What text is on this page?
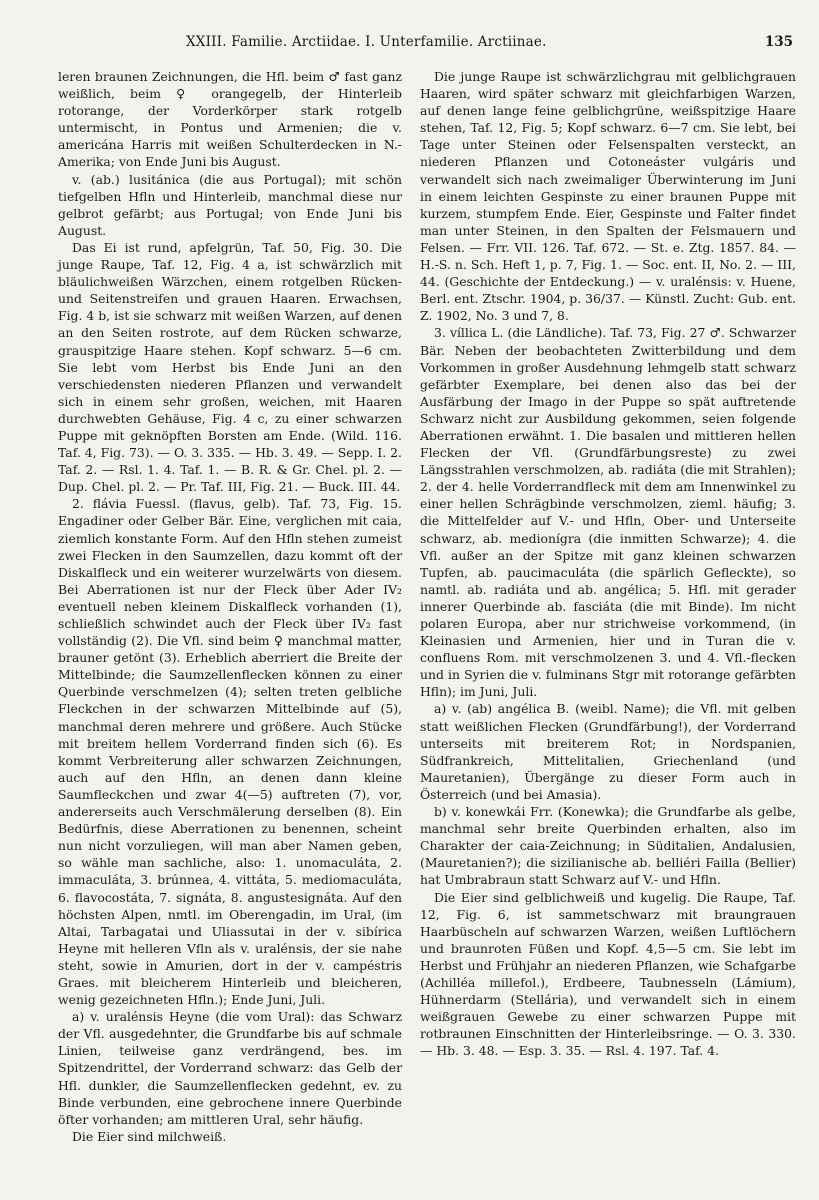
XXIII. Familie. Arctiidae. I. Unterfamilie. Arctiinae.	135

leren braunen Zeichnungen, die Hfl. beim ♂ fast ganz weißlich, beim ♀ orangegelb, der Hinterleib rotorange, der Vorderkörper stark rotgelb untermischt, in Pontus und Armenien; die v. americána Harris mit weißen Schulterdecken in N.-Amerika; von Ende Juni bis August.

v. (ab.) lusitánica (die aus Portugal); mit schön tiefgelben Hfln und Hinterleib, manchmal diese nur gelbrot gefärbt; aus Portugal; von Ende Juni bis August.

Das Ei ist rund, apfelgrün, Taf. 50, Fig. 30. Die junge Raupe, Taf. 12, Fig. 4 a, ist schwärzlich mit bläulichweißen Wärzchen, einem rotgelben Rücken- und Seitenstreifen und grauen Haaren. Erwachsen, Fig. 4 b, ist sie schwarz mit weißen Warzen, auf denen an den Seiten rostrote, auf dem Rücken schwarze, grauspitzige Haare stehen. Kopf schwarz. 5—6 cm. Sie lebt vom Herbst bis Ende Juni an den verschiedensten niederen Pflanzen und verwandelt sich in einem sehr großen, weichen, mit Haaren durchwebten Gehäuse, Fig. 4 c, zu einer schwarzen Puppe mit geknöpften Borsten am Ende. (Wild. 116. Taf. 4, Fig. 73). — O. 3. 335. — Hb. 3. 49. — Sepp. I. 2. Taf. 2. — Rsl. 1. 4. Taf. 1. — B. R. & Gr. Chel. pl. 2. — Dup. Chel. pl. 2. — Pr. Taf. III, Fig. 21. — Buck. III. 44.

2. flávia Fuessl. (flavus, gelb). Taf. 73, Fig. 15. Engadiner oder Gelber Bär. Eine, verglichen mit caia, ziemlich konstante Form. Auf den Hfln stehen zumeist zwei Flecken in den Saumzellen, dazu kommt oft der Diskalfleck und ein weiterer wurzelwärts von diesem. Bei Aberrationen ist nur der Fleck über Ader IV₂ eventuell neben kleinem Diskalfleck vorhanden (1), schließlich schwindet auch der Fleck über IV₂ fast vollständig (2). Die Vfl. sind beim ♀ manchmal matter, brauner getönt (3). Erheblich aberriert die Breite der Mittelbinde; die Saumzellenflecken können zu einer Querbinde verschmelzen (4); selten treten gelbliche Fleckchen in der schwarzen Mittelbinde auf (5), manchmal deren mehrere und größere. Auch Stücke mit breitem hellem Vorderrand finden sich (6). Es kommt Verbreiterung aller schwarzen Zeichnungen, auch auf den Hfln, an denen dann kleine Saumfleckchen und zwar 4(—5) auftreten (7), vor, andererseits auch Verschmälerung derselben (8). Ein Bedürfnis, diese Aberrationen zu benennen, scheint nun nicht vorzuliegen, will man aber Namen geben, so wähle man sachliche, also: 1. unomaculáta, 2. immaculáta, 3. brúnnea, 4. vittáta, 5. mediomaculáta, 6. flavocostáta, 7. signáta, 8. angustesignáta. Auf den höchsten Alpen, nmtl. im Oberengadin, im Ural, (im Altai, Tarbagatai und Uliassutai in der v. sibírica Heyne mit helleren Vfln als v. uralénsis, der sie nahe steht, sowie in Amurien, dort in der v. campéstris Graes. mit bleicherem Hinterleib und bleicheren, wenig gezeichneten Hfln.); Ende Juni, Juli.

a) v. uralénsis Heyne (die vom Ural): das Schwarz der Vfl. ausgedehnter, die Grundfarbe bis auf schmale Linien, teilweise ganz verdrängend, bes. im Spitzendrittel, der Vorderrand schwarz: das Gelb der Hfl. dunkler, die Saumzellenflecken gedehnt, ev. zu Binde verbunden, eine gebrochene innere Querbinde öfter vorhanden; am mittleren Ural, sehr häufig.

Die Eier sind milchweiß.

Die junge Raupe ist schwärzlichgrau mit gelblichgrauen Haaren, wird später schwarz mit gleichfarbigen Warzen, auf denen lange feine gelblichgrüne, weißspitzige Haare stehen, Taf. 12, Fig. 5; Kopf schwarz. 6—7 cm. Sie lebt, bei Tage unter Steinen oder Felsenspalten versteckt, an niederen Pflanzen und Cotoneáster vulgáris und verwandelt sich nach zweimaliger Überwinterung im Juni in einem leichten Gespinste zu einer braunen Puppe mit kurzem, stumpfem Ende. Eier, Gespinste und Falter findet man unter Steinen, in den Spalten der Felsmauern und Felsen. — Frr. VII. 126. Taf. 672. — St. e. Ztg. 1857. 84. — H.-S. n. Sch. Heft 1, p. 7, Fig. 1. — Soc. ent. II, No. 2. — III, 44. (Geschichte der Entdeckung.) — v. uralénsis: v. Huene, Berl. ent. Ztschr. 1904, p. 36/37. — Künstl. Zucht: Gub. ent. Z. 1902, No. 3 und 7, 8.

3. víllica L. (die Ländliche). Taf. 73, Fig. 27 ♂. Schwarzer Bär. Neben der beobachteten Zwitterbildung und dem Vorkommen in großer Ausdehnung lehmgelb statt schwarz gefärbter Exemplare, bei denen also das bei der Ausfärbung der Imago in der Puppe so spät auftretende Schwarz nicht zur Ausbildung gekommen, seien folgende Aberrationen erwähnt. 1. Die basalen und mittleren hellen Flecken der Vfl. (Grundfärbungsreste) zu zwei Längsstrahlen verschmolzen, ab. radiáta (die mit Strahlen); 2. der 4. helle Vorderrandfleck mit dem am Innenwinkel zu einer hellen Schrägbinde verschmolzen, zieml. häufig; 3. die Mittelfelder auf V.- und Hfln, Ober- und Unterseite schwarz, ab. medionígra (die inmitten Schwarze); 4. die Vfl. außer an der Spitze mit ganz kleinen schwarzen Tupfen, ab. paucimaculáta (die spärlich Gefleckte), so namtl. ab. radiáta und ab. angélica; 5. Hfl. mit gerader innerer Querbinde ab. fasciáta (die mit Binde). Im nicht polaren Europa, aber nur strichweise vorkommend, (in Kleinasien und Armenien, hier und in Turan die v. confluens Rom. mit verschmolzenen 3. und 4. Vfl.-flecken und in Syrien die v. fulminans Stgr mit rotorange gefärbten Hfln); im Juni, Juli.

a) v. (ab) angélica B. (weibl. Name); die Vfl. mit gelben statt weißlichen Flecken (Grundfärbung!), der Vorderrand unterseits mit breiterem Rot; in Nordspanien, Südfrankreich, Mittelitalien, Griechenland (und Mauretanien), Übergänge zu dieser Form auch in Österreich (und bei Amasia).

b) v. konewkái Frr. (Konewka); die Grundfarbe als gelbe, manchmal sehr breite Querbinden erhalten, also im Charakter der caia-Zeichnung; in Süditalien, Andalusien, (Mauretanien?); die sizilianische ab. belliéri Failla (Bellier) hat Umbrabraun statt Schwarz auf V.- und Hfln.

Die Eier sind gelblichweiß und kugelig. Die Raupe, Taf. 12, Fig. 6, ist sammetschwarz mit braungrauen Haarbüscheln auf schwarzen Warzen, weißen Luftlöchern und braunroten Füßen und Kopf. 4,5—5 cm. Sie lebt im Herbst und Frühjahr an niederen Pflanzen, wie Schafgarbe (Achilléa millefol.), Erdbeere, Taubnesseln (Lámium), Hühnerdarm (Stellária), und verwandelt sich in einem weißgrauen Gewebe zu einer schwarzen Puppe mit rotbraunen Einschnitten der Hinterleibsringe. — O. 3. 330. — Hb. 3. 48. — Esp. 3. 35. — Rsl. 4. 197. Taf. 4.
